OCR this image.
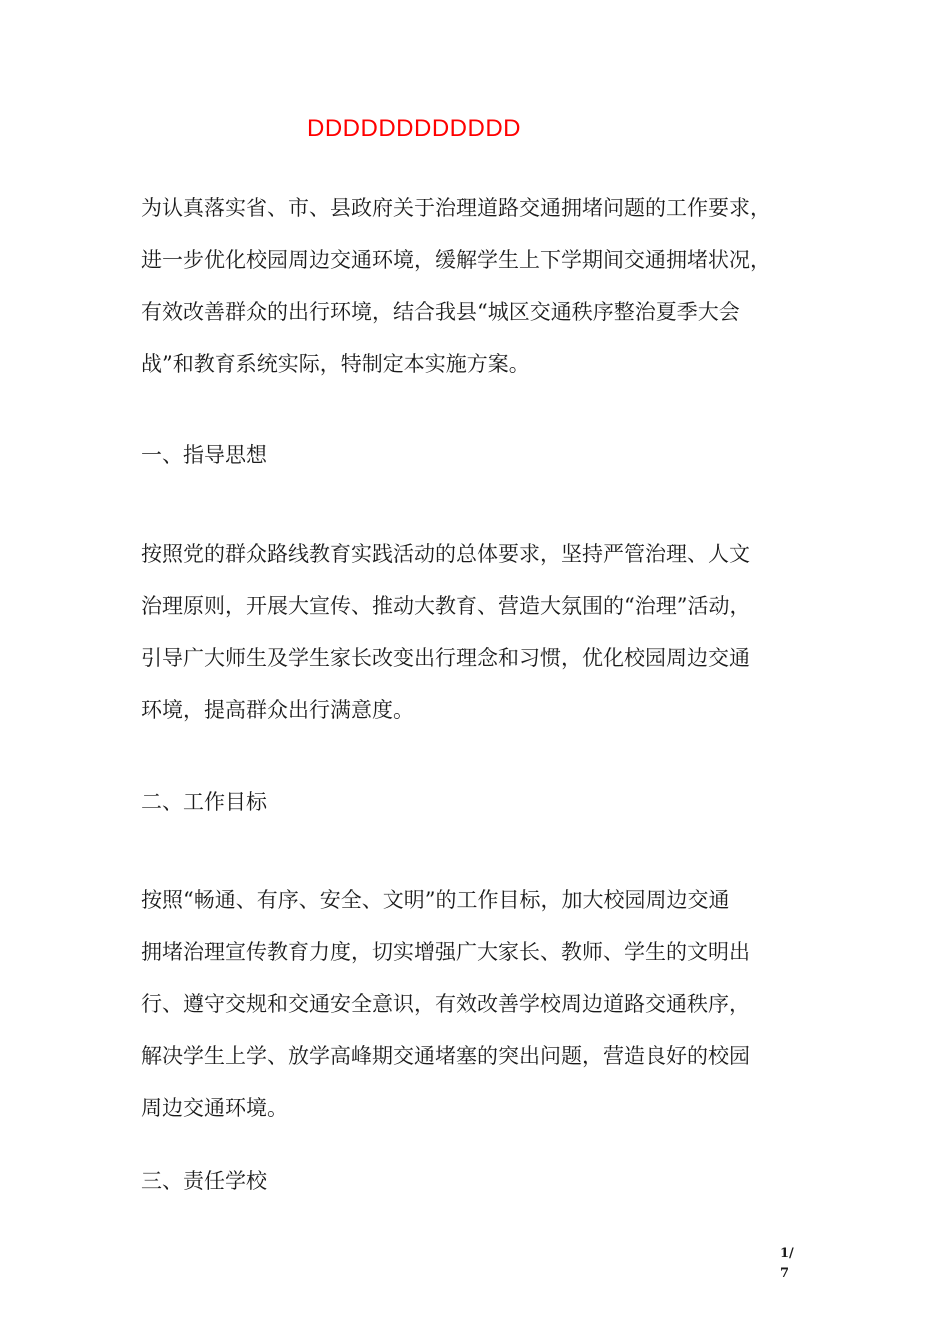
DDDDDDDDDDDD
为认真落实省、市、县政府关于治理道路交通拥堵问题的工作要求，
进一步优化校园周边交通环境，缓解学生上下学期间交通拥堵状况，
有效改善群众的出行环境，结合我县“城区交通秩序整治夏季大会
战”和教育系统实际，特制定本实施方案。
一、指导思想
按照党的群众路线教育实践活动的总体要求，坚持严管治理、人文
治理原则，开展大宣传、推动大教育、营造大氛围的“治理”活动，
引导广大师生及学生家长改变出行理念和习惯，优化校园周边交通
环境，提高群众出行满意度。
二、工作目标
按照“畅通、有序、安全、文明”的工作目标，加大校园周边交通
拥堵治理宣传教育力度，切实增强广大家长、教师、学生的文明出
行、遵守交规和交通安全意识，有效改善学校周边道路交通秩序，
解决学生上学、放学高峰期交通堵塞的突出问题，营造良好的校园
周边交通环境。
三、责任学校
1/
7
